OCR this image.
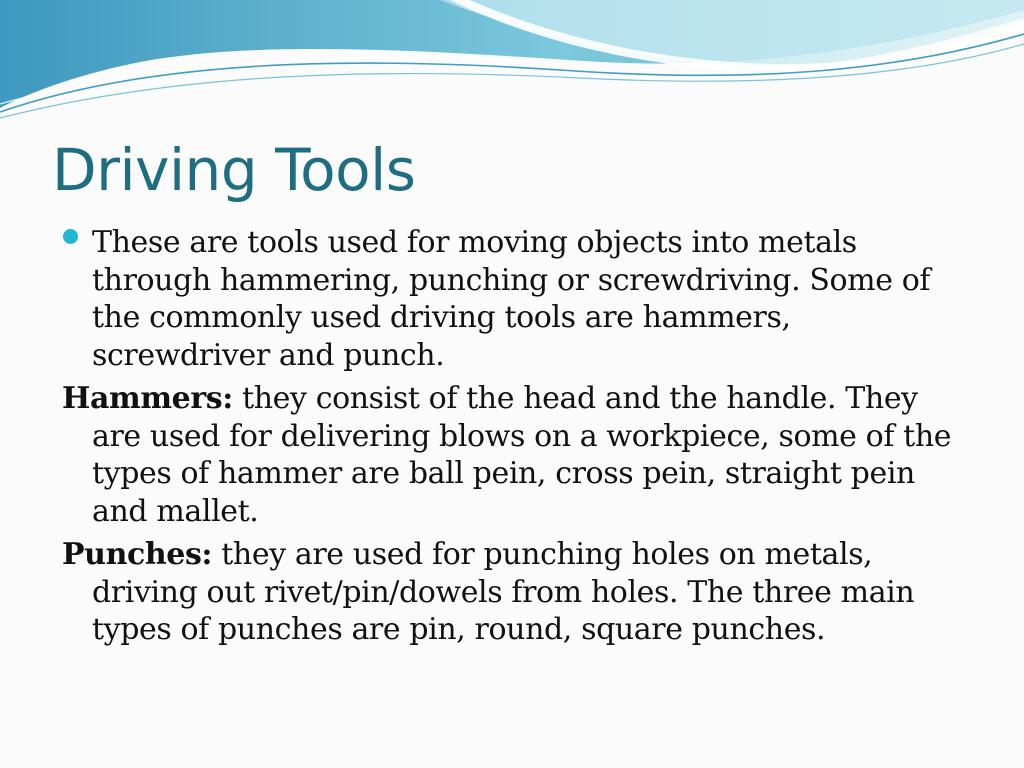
Driving Tools

These are tools used for moving objects into metals through hammering, punching or screwdriving. Some of the commonly used driving tools are hammers, screwdriver and punch.

Hammers: they consist of the head and the handle. They are used for delivering blows on a workpiece, some of the types of hammer are ball pein, cross pein, straight pein and mallet.

Punches: they are used for punching holes on metals, driving out rivet/pin/dowels from holes. The three main types of punches are pin, round, square punches.
